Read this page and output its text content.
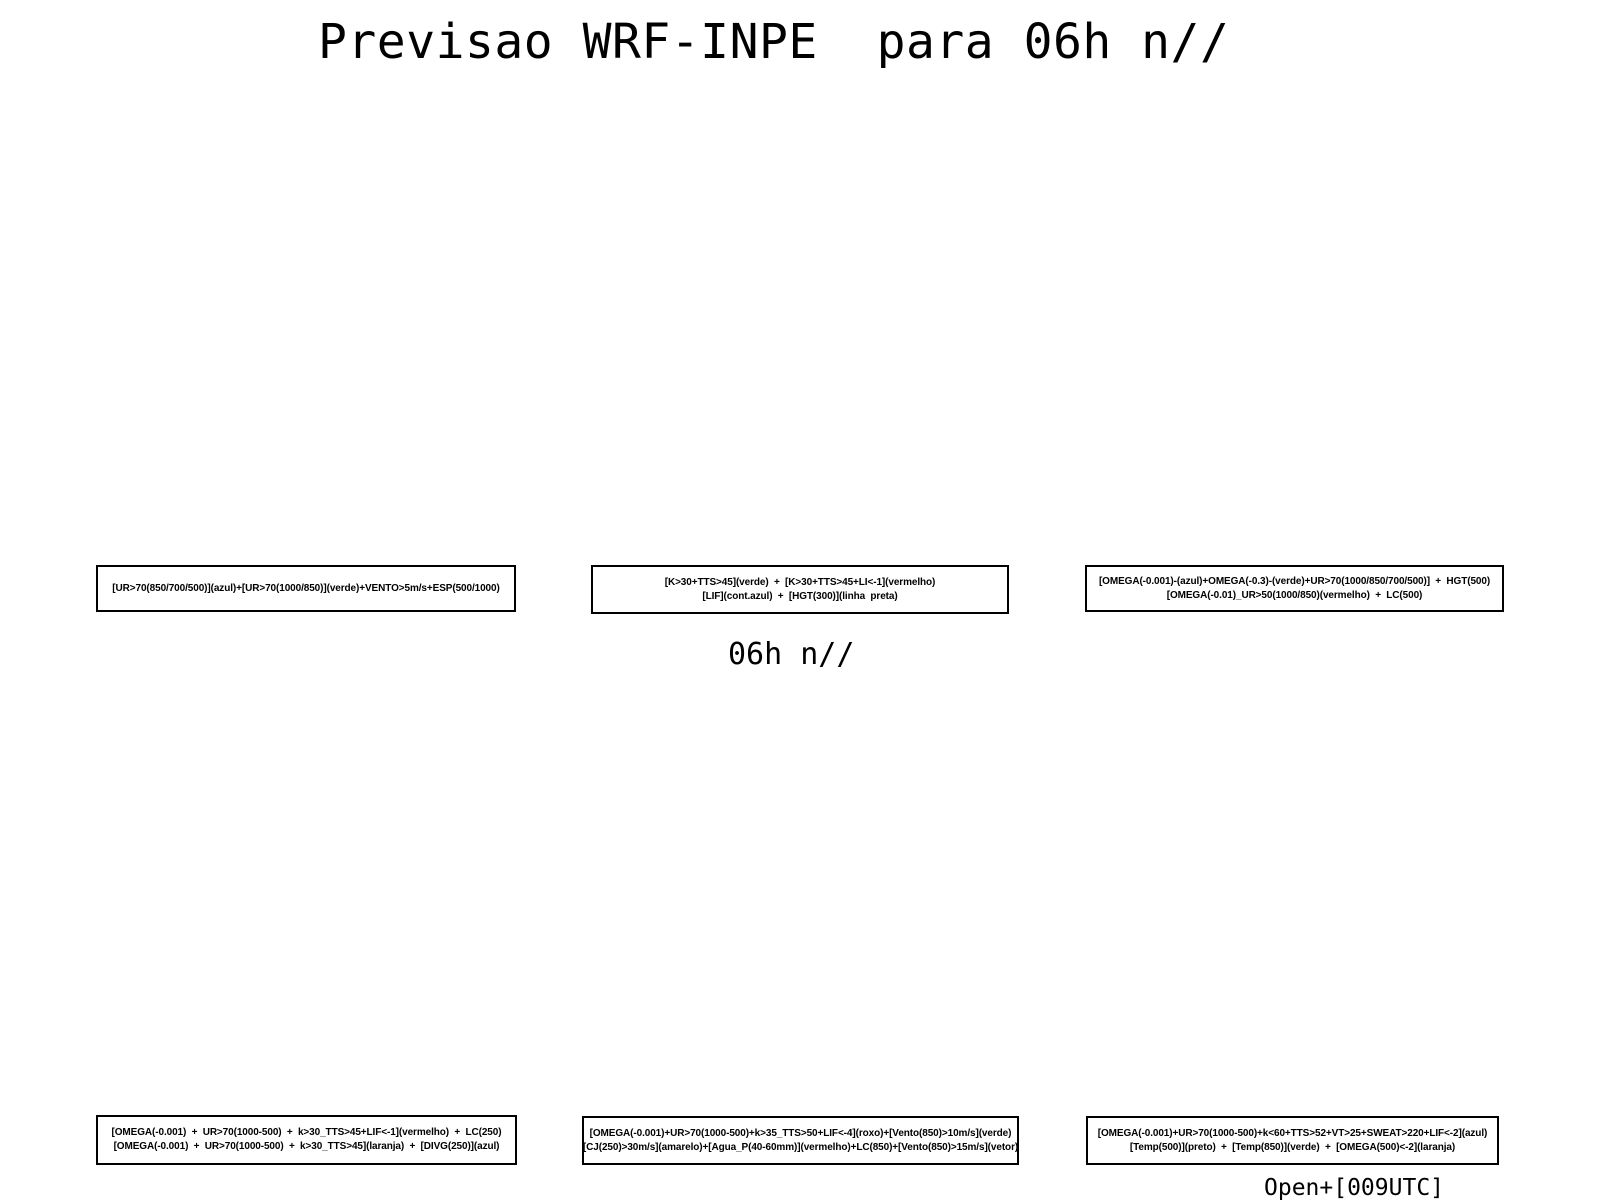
Previsao WRF-INPE  para 06h n//
[UR>70(850/700/500)](azul)+[UR>70(1000/850)](verde)+VENTO>5m/s+ESP(500/1000)
[K>30+TTS>45](verde)  +  [K>30+TTS>45+LI<-1](vermelho)
[LIF](cont.azul)  +  [HGT(300)](linha  preta)
[OMEGA(-0.001)-(azul)+OMEGA(-0.3)-(verde)+UR>70(1000/850/700/500)]  +  HGT(500)
[OMEGA(-0.01)_UR>50(1000/850)(vermelho)  +  LC(500)
06h n//
[OMEGA(-0.001)  +  UR>70(1000-500)  +  k>30_TTS>45+LIF<-1](vermelho)  +  LC(250)
[OMEGA(-0.001)  +  UR>70(1000-500)  +  k>30_TTS>45](laranja)  +  [DIVG(250)](azul)
[OMEGA(-0.001)+UR>70(1000-500)+k>35_TTS>50+LIF<-4](roxo)+[Vento(850)>10m/s](verde)
[CJ(250)>30m/s](amarelo)+[Agua_P(40-60mm)](vermelho)+LC(850)+[Vento(850)>15m/s](vetor)
[OMEGA(-0.001)+UR>70(1000-500)+k<60+TTS>52+VT>25+SWEAT>220+LIF<-2](azul)
[Temp(500)](preto)  +  [Temp(850)](verde)  +  [OMEGA(500)<-2](laranja)
Open+[009UTC]
